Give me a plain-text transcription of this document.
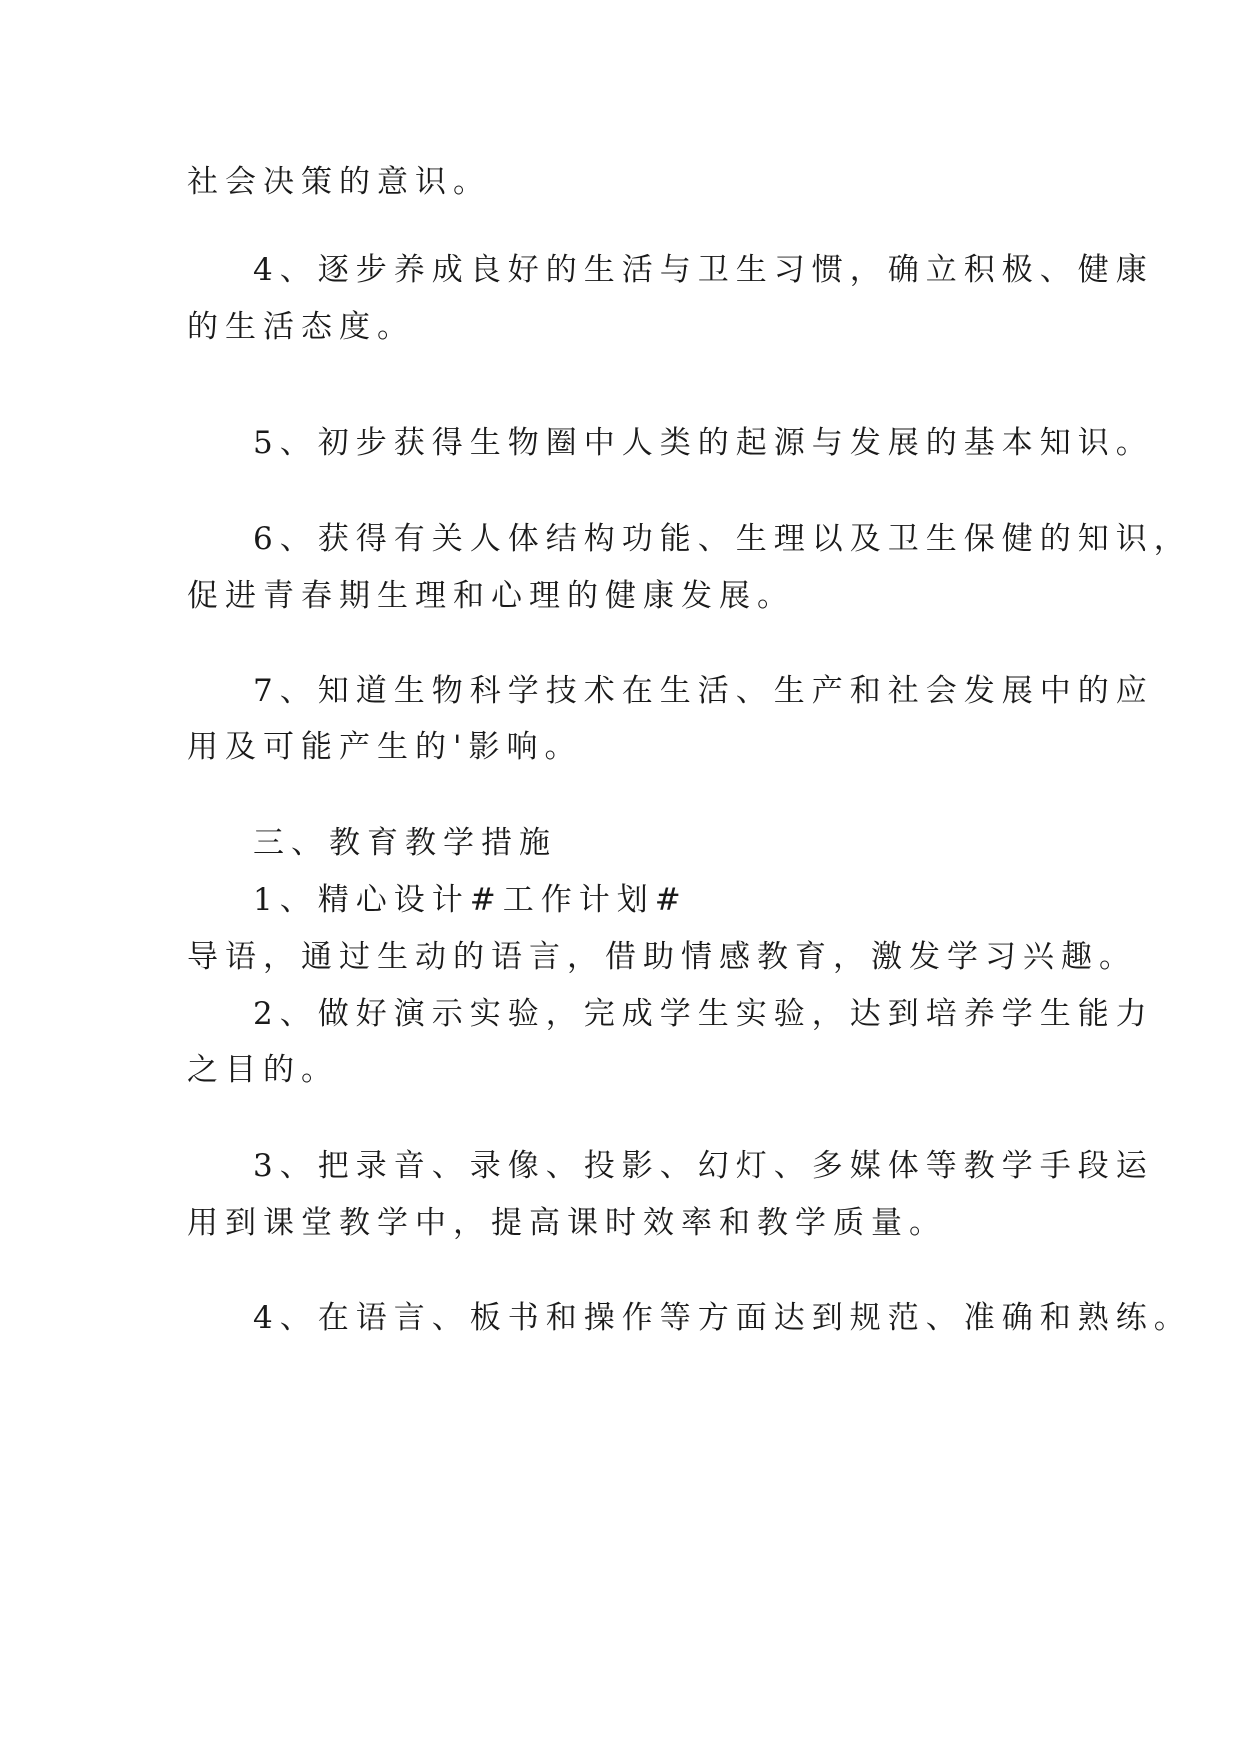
社会决策的意识。
4、逐步养成良好的生活与卫生习惯，确立积极、健康
的生活态度。
5、初步获得生物圈中人类的起源与发展的基本知识。
6、获得有关人体结构功能、生理以及卫生保健的知识，
促进青春期生理和心理的健康发展。
7、知道生物科学技术在生活、生产和社会发展中的应
用及可能产生的'影响。
三、教育教学措施
1、精心设计#工作计划#
导语，通过生动的语言，借助情感教育，激发学习兴趣。
2、做好演示实验，完成学生实验，达到培养学生能力
之目的。
3、把录音、录像、投影、幻灯、多媒体等教学手段运
用到课堂教学中，提高课时效率和教学质量。
4、在语言、板书和操作等方面达到规范、准确和熟练。
